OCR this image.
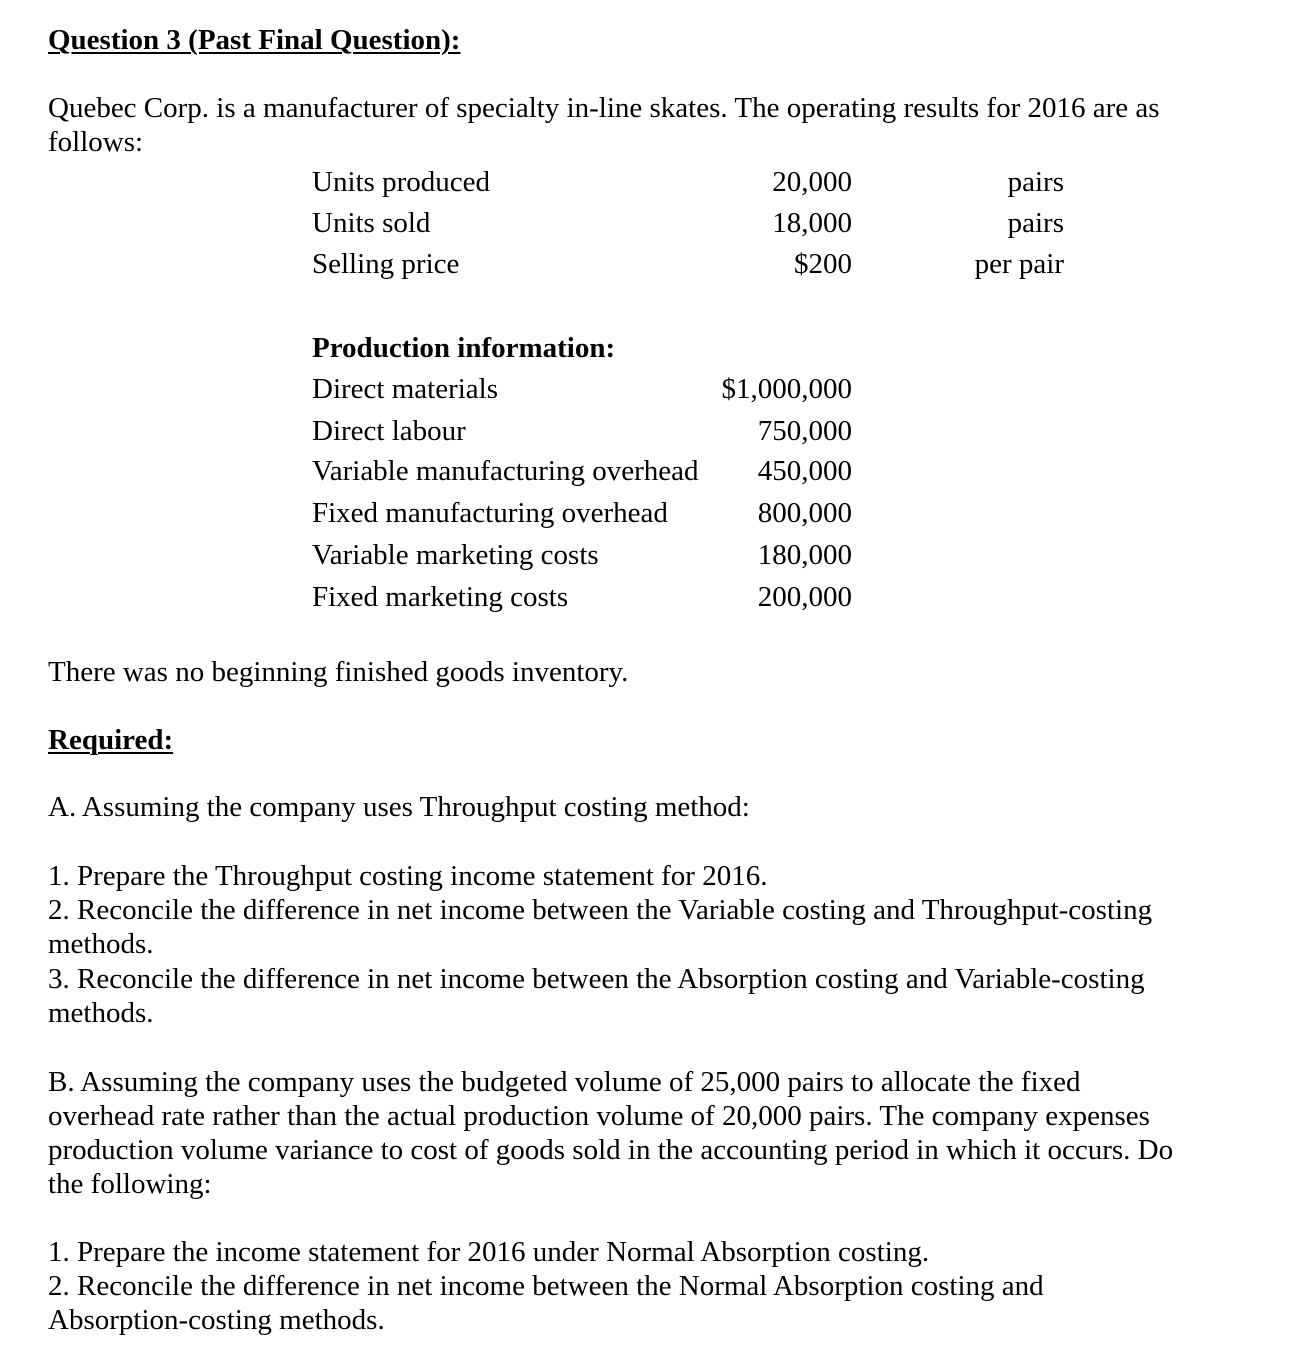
Question 3 (Past Final Question):
Quebec Corp. is a manufacturer of specialty in-line skates. The operating results for 2016 are as
follows:
Units produced	20,000	pairs
Units sold	18,000	pairs
Selling price	$200	per pair
Production information:
Direct materials	$1,000,000
Direct labour	750,000
Variable manufacturing overhead	450,000
Fixed manufacturing overhead	800,000
Variable marketing costs	180,000
Fixed marketing costs	200,000
There was no beginning finished goods inventory.
Required:
A. Assuming the company uses Throughput costing method:
1. Prepare the Throughput costing income statement for 2016.
2. Reconcile the difference in net income between the Variable costing and Throughput-costing
methods.
3. Reconcile the difference in net income between the Absorption costing and Variable-costing
methods.
B. Assuming the company uses the budgeted volume of 25,000 pairs to allocate the fixed
overhead rate rather than the actual production volume of 20,000 pairs. The company expenses
production volume variance to cost of goods sold in the accounting period in which it occurs. Do
the following:
1. Prepare the income statement for 2016 under Normal Absorption costing.
2. Reconcile the difference in net income between the Normal Absorption costing and
Absorption-costing methods.
